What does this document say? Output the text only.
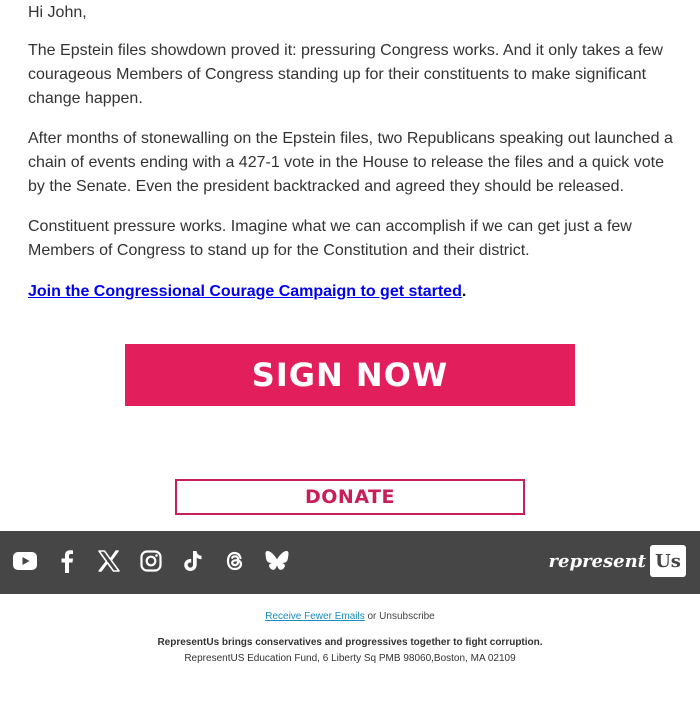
Hi John,

The Epstein files showdown proved it: pressuring Congress works. And it only takes a few courageous Members of Congress standing up for their constituents to make significant change happen.

After months of stonewalling on the Epstein files, two Republicans speaking out launched a chain of events ending with a 427-1 vote in the House to release the files and a quick vote by the Senate. Even the president backtracked and agreed they should be released.

Constituent pressure works. Imagine what we can accomplish if we can get just a few Members of Congress to stand up for the Constitution and their district.

Join the Congressional Courage Campaign to get started.
SIGN NOW
DONATE
represent Us
Receive Fewer Emails or Unsubscribe
RepresentUs brings conservatives and progressives together to fight corruption.
RepresentUS Education Fund, 6 Liberty Sq PMB 98060,Boston, MA 02109
